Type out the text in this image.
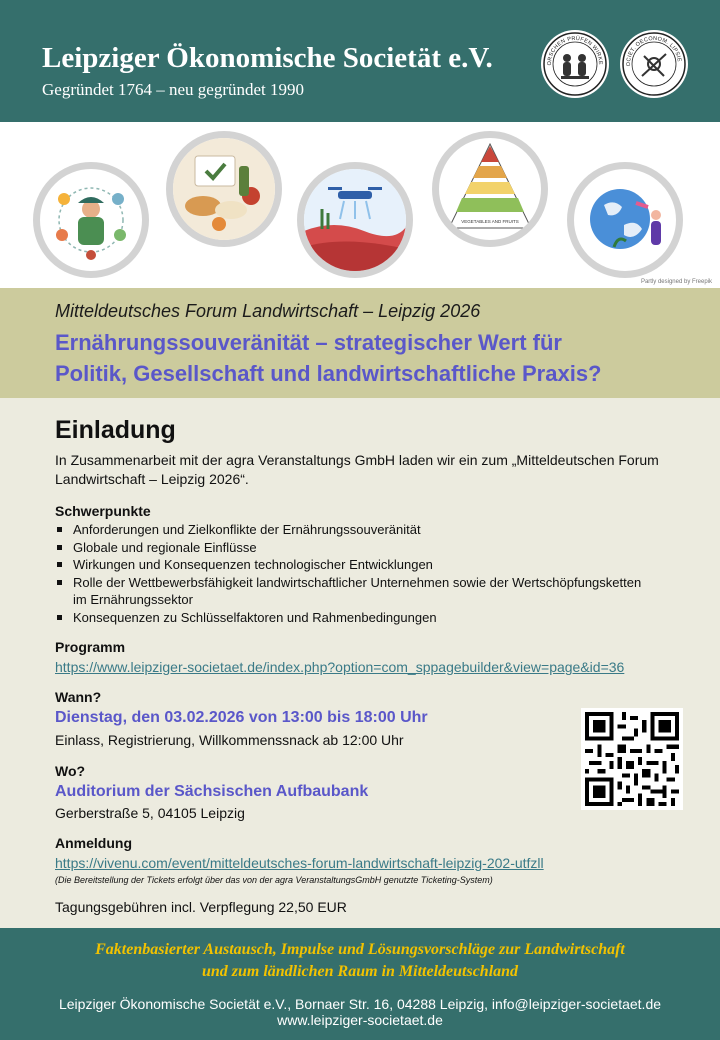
Leipziger Ökonomische Societät e.V.
Gegründet 1764 – neu gegründet 1990
ORSCHEN PRÜFEN WIRKE	OCIET. OECONOM. LIPSIE
VEGETABLES AND FRUITS
Partly designed by Freepik
Mitteldeutsches Forum Landwirtschaft – Leipzig 2026
Ernährungssouveränität – strategischer Wert für
Politik, Gesellschaft und landwirtschaftliche Praxis?
Einladung
In Zusammenarbeit mit der agra Veranstaltungs GmbH laden wir ein zum „Mitteldeutschen Forum Landwirtschaft – Leipzig 2026“.
Schwerpunkte
Anforderungen und Zielkonflikte der Ernährungssouveränität
Globale und regionale Einflüsse
Wirkungen und Konsequenzen technologischer Entwicklungen
Rolle der Wettbewerbsfähigkeit landwirtschaftlicher Unternehmen sowie der Wertschöpfungsketten im Ernährungssektor
Konsequenzen zu Schlüsselfaktoren und Rahmenbedingungen
Programm
https://www.leipziger-societaet.de/index.php?option=com_sppagebuilder&view=page&id=36
Wann?
Dienstag, den 03.02.2026 von 13:00 bis 18:00 Uhr
Einlass, Registrierung, Willkommenssnack ab 12:00 Uhr
Wo?
Auditorium der Sächsischen Aufbaubank
Gerberstraße 5, 04105 Leipzig
Anmeldung
https://vivenu.com/event/mitteldeutsches-forum-landwirtschaft-leipzig-202-utfzll
(Die Bereitstellung der Tickets erfolgt über das von der agra VeranstaltungsGmbH genutzte Ticketing-System)
Tagungsgebühren incl. Verpflegung 22,50 EUR
Faktenbasierter Austausch, Impulse und Lösungsvorschläge zur Landwirtschaft
und zum ländlichen Raum in Mitteldeutschland
Leipziger Ökonomische Societät e.V., Bornaer Str. 16, 04288 Leipzig, info@leipziger-societaet.de
www.leipziger-societaet.de
